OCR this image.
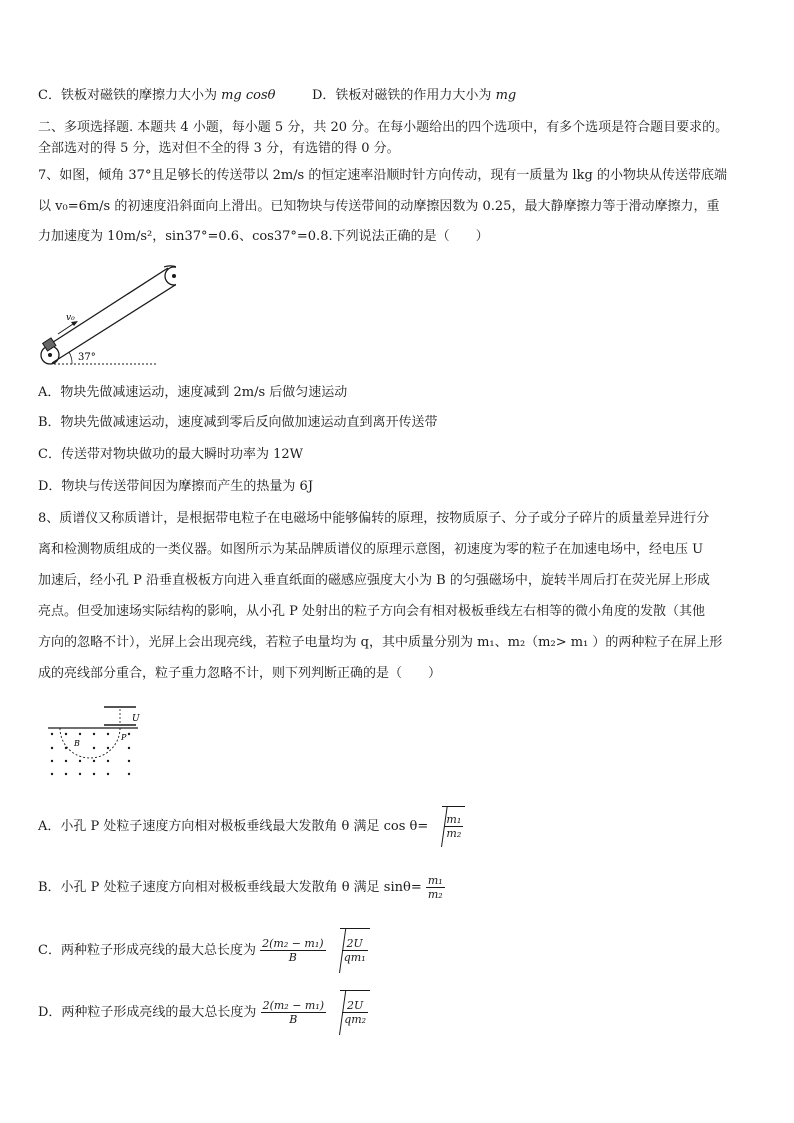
C．铁板对磁铁的摩擦力大小为 mg cosθ	D．铁板对磁铁的作用力大小为 mg
二、多项选择题. 本题共 4 小题，每小题 5 分，共 20 分。在每小题给出的四个选项中，有多个选项是符合题目要求的。
全部选对的得 5 分，选对但不全的得 3 分，有选错的得 0 分。
7、如图，倾角 37°且足够长的传送带以 2m/s 的恒定速率沿顺时针方向传动，现有一质量为 lkg 的小物块从传送带底端
以 v₀=6m/s 的初速度沿斜面向上滑出。已知物块与传送带间的动摩擦因数为 0.25，最大静摩擦力等于滑动摩擦力，重
力加速度为 10m/s²，sin37°=0.6、cos37°=0.8.下列说法正确的是（　　）
v₀
37°
A．物块先做减速运动，速度减到 2m/s 后做匀速运动
B．物块先做减速运动，速度减到零后反向做加速运动直到离开传送带
C．传送带对物块做功的最大瞬时功率为 12W
D．物块与传送带间因为摩擦而产生的热量为 6J
8、质谱仪又称质谱计，是根据带电粒子在电磁场中能够偏转的原理，按物质原子、分子或分子碎片的质量差异进行分
离和检测物质组成的一类仪器。如图所示为某品牌质谱仪的原理示意图，初速度为零的粒子在加速电场中，经电压 U
加速后，经小孔 P 沿垂直极板方向进入垂直纸面的磁感应强度大小为 B 的匀强磁场中，旋转半周后打在荧光屏上形成
亮点。但受加速场实际结构的影响，从小孔 P 处射出的粒子方向会有相对极板垂线左右相等的微小角度的发散（其他
方向的忽略不计），光屏上会出现亮线，若粒子电量均为 q，其中质量分别为 m₁、m₂（m₂> m₁ ）的两种粒子在屏上形
成的亮线部分重合，粒子重力忽略不计，则下列判断正确的是（　　）
U
P
B
A．小孔 P 处粒子速度方向相对极板垂线最大发散角 θ 满足 $\cos \theta= \frac{\text{m₁}}{\text{m₂}}$
B．小孔 P 处粒子速度方向相对极板垂线最大发散角 θ 满足 $\sin\theta= \frac{\text{m₁}}{\text{m₂}}$
C．两种粒子形成亮线的最大总长度为 $\frac{\text{2(m₂ − m₁)}}{B}$
$\frac{2U}{\text{qm₁}}$
D．两种粒子形成亮线的最大总长度为 $\frac{\text{2(m₂ − m₁)}}{B}$
$\frac{2U}{\text{qm₂}}$
